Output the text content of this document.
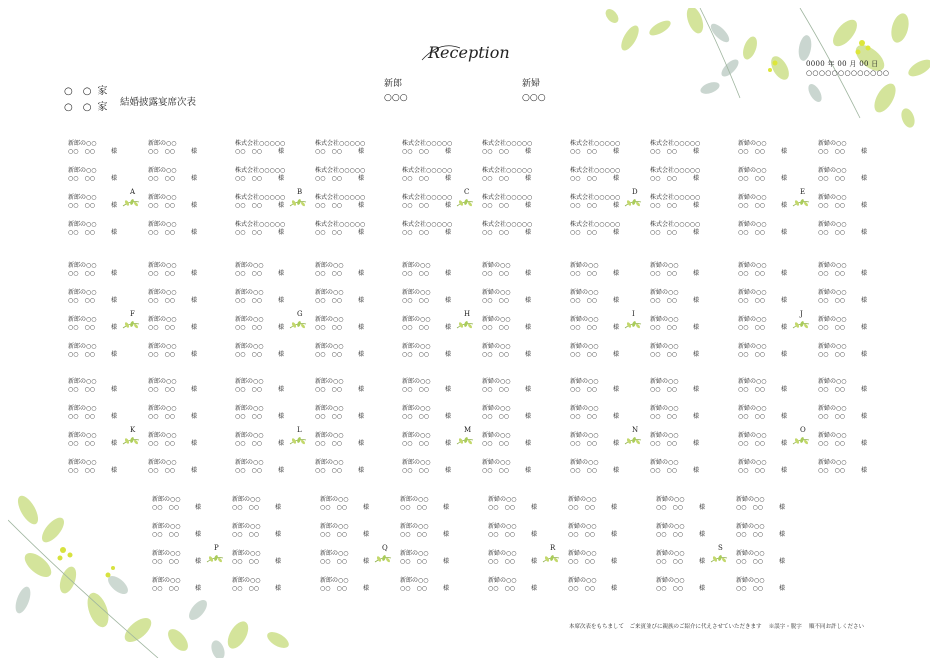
Reception
○　○ 家
○　○ 家 結婚披露宴席次表
新郎
○○○
新婦
○○○
0000 年 00 月 00 日
○○○○○○○○○○○○○
新郎の○○
○○　○○	様
新郎の○○
○○　○○	様
新郎の○○
○○　○○	様
新郎の○○
○○　○○	様
新郎の○○
○○　○○	様
新郎の○○
○○　○○	様
新郎の○○
○○　○○	様
新郎の○○
○○　○○	様
A
株式会社○○○○○
○○　○○	様
株式会社○○○○○
○○　○○	様
株式会社○○○○○
○○　○○	様
株式会社○○○○○
○○　○○	様
株式会社○○○○○
○○　○○	様
株式会社○○○○○
○○　○○	様
株式会社○○○○○
○○　○○	様
株式会社○○○○○
○○　○○	様
B
株式会社○○○○○
○○　○○	様
株式会社○○○○○
○○　○○	様
株式会社○○○○○
○○　○○	様
株式会社○○○○○
○○　○○	様
株式会社○○○○○
○○　○○	様
株式会社○○○○○
○○　○○	様
株式会社○○○○○
○○　○○	様
株式会社○○○○○
○○　○○	様
C
株式会社○○○○○
○○　○○	様
株式会社○○○○○
○○　○○	様
株式会社○○○○○
○○　○○	様
株式会社○○○○○
○○　○○	様
株式会社○○○○○
○○　○○	様
株式会社○○○○○
○○　○○	様
株式会社○○○○○
○○　○○	様
株式会社○○○○○
○○　○○	様
D
新婦の○○
○○　○○	様
新婦の○○
○○　○○	様
新婦の○○
○○　○○	様
新婦の○○
○○　○○	様
新婦の○○
○○　○○	様
新婦の○○
○○　○○	様
新婦の○○
○○　○○	様
新婦の○○
○○　○○	様
E
新郎の○○
○○　○○	様
新郎の○○
○○　○○	様
新郎の○○
○○　○○	様
新郎の○○
○○　○○	様
新郎の○○
○○　○○	様
新郎の○○
○○　○○	様
新郎の○○
○○　○○	様
新郎の○○
○○　○○	様
F
新郎の○○
○○　○○	様
新郎の○○
○○　○○	様
新郎の○○
○○　○○	様
新郎の○○
○○　○○	様
新郎の○○
○○　○○	様
新郎の○○
○○　○○	様
新郎の○○
○○　○○	様
新郎の○○
○○　○○	様
G
新郎の○○
○○　○○	様
新郎の○○
○○　○○	様
新郎の○○
○○　○○	様
新郎の○○
○○　○○	様
新婦の○○
○○　○○	様
新婦の○○
○○　○○	様
新婦の○○
○○　○○	様
新婦の○○
○○　○○	様
H
新婦の○○
○○　○○	様
新婦の○○
○○　○○	様
新婦の○○
○○　○○	様
新婦の○○
○○　○○	様
新婦の○○
○○　○○	様
新婦の○○
○○　○○	様
新婦の○○
○○　○○	様
新婦の○○
○○　○○	様
I
新婦の○○
○○　○○	様
新婦の○○
○○　○○	様
新婦の○○
○○　○○	様
新婦の○○
○○　○○	様
新婦の○○
○○　○○	様
新婦の○○
○○　○○	様
新婦の○○
○○　○○	様
新婦の○○
○○　○○	様
J
新郎の○○
○○　○○	様
新郎の○○
○○　○○	様
新郎の○○
○○　○○	様
新郎の○○
○○　○○	様
新郎の○○
○○　○○	様
新郎の○○
○○　○○	様
新郎の○○
○○　○○	様
新郎の○○
○○　○○	様
K
新郎の○○
○○　○○	様
新郎の○○
○○　○○	様
新郎の○○
○○　○○	様
新郎の○○
○○　○○	様
新郎の○○
○○　○○	様
新郎の○○
○○　○○	様
新郎の○○
○○　○○	様
新郎の○○
○○　○○	様
L
新郎の○○
○○　○○	様
新郎の○○
○○　○○	様
新郎の○○
○○　○○	様
新郎の○○
○○　○○	様
新婦の○○
○○　○○	様
新婦の○○
○○　○○	様
新婦の○○
○○　○○	様
新婦の○○
○○　○○	様
M
新婦の○○
○○　○○	様
新婦の○○
○○　○○	様
新婦の○○
○○　○○	様
新婦の○○
○○　○○	様
新婦の○○
○○　○○	様
新婦の○○
○○　○○	様
新婦の○○
○○　○○	様
新婦の○○
○○　○○	様
N
新婦の○○
○○　○○	様
新婦の○○
○○　○○	様
新婦の○○
○○　○○	様
新婦の○○
○○　○○	様
新婦の○○
○○　○○	様
新婦の○○
○○　○○	様
新婦の○○
○○　○○	様
新婦の○○
○○　○○	様
O
新郎の○○
○○　○○	様
新郎の○○
○○　○○	様
新郎の○○
○○　○○	様
新郎の○○
○○　○○	様
新郎の○○
○○　○○	様
新郎の○○
○○　○○	様
新郎の○○
○○　○○	様
新郎の○○
○○　○○	様
P
新郎の○○
○○　○○	様
新郎の○○
○○　○○	様
新郎の○○
○○　○○	様
新郎の○○
○○　○○	様
新郎の○○
○○　○○	様
新郎の○○
○○　○○	様
新郎の○○
○○　○○	様
新郎の○○
○○　○○	様
Q
新婦の○○
○○　○○	様
新婦の○○
○○　○○	様
新婦の○○
○○　○○	様
新婦の○○
○○　○○	様
新婦の○○
○○　○○	様
新婦の○○
○○　○○	様
新婦の○○
○○　○○	様
新婦の○○
○○　○○	様
R
新婦の○○
○○　○○	様
新婦の○○
○○　○○	様
新婦の○○
○○　○○	様
新婦の○○
○○　○○	様
新婦の○○
○○　○○	様
新婦の○○
○○　○○	様
新婦の○○
○○　○○	様
新婦の○○
○○　○○	様
S
本席次表をもちまして　ご来賓並びに親族のご紹介に代えさせていただきます　 ※誤字・脱字　 順不同お許しください
